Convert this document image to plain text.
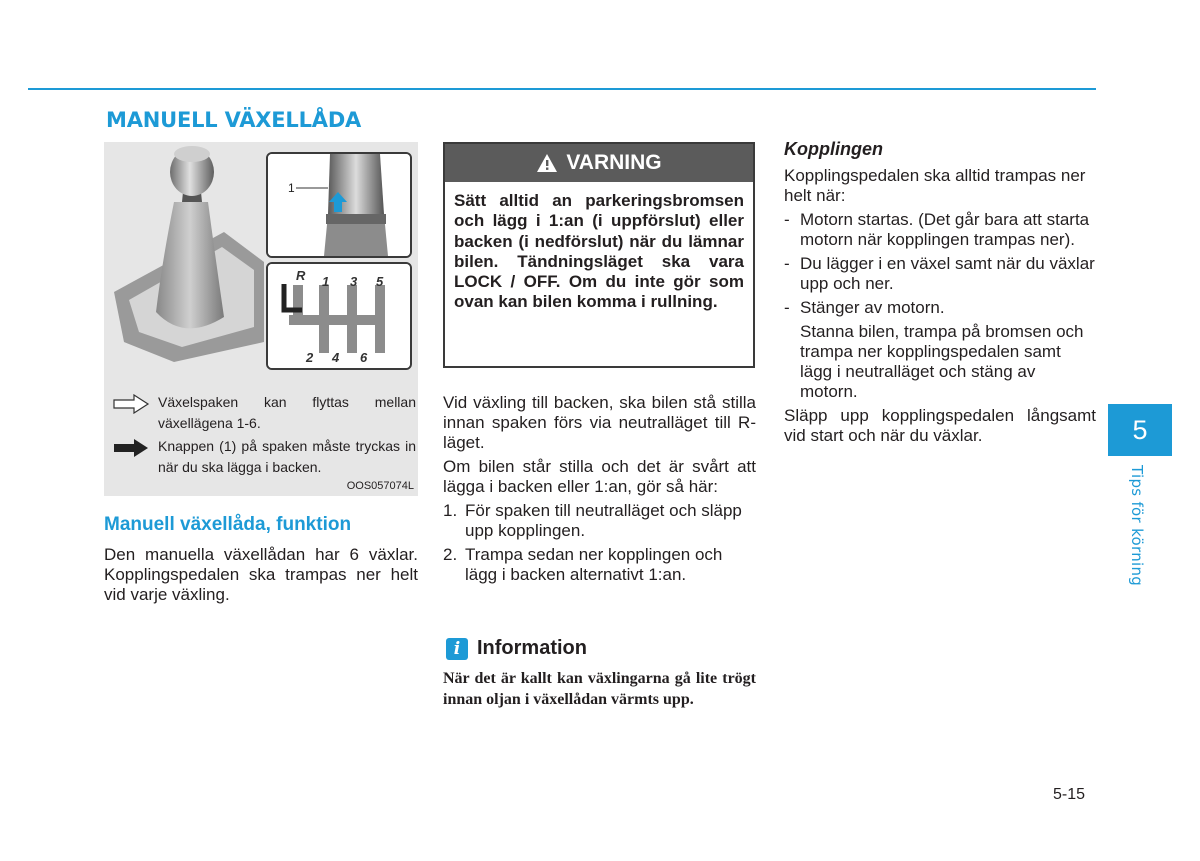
MANUELL VÄXELLÅDA
1
R 1 3 5
2 4 6
Växelspaken kan flyttas mellan växellägena 1-6.
Knappen (1) på spaken måste tryckas in när du ska lägga i backen.
OOS057074L
Manuell växellåda, funktion

Den manuella växellådan har 6 växlar. Kopplingspedalen ska trampas ner helt vid varje växling.

VARNING
Sätt alltid an parkeringsbromsen och lägg i 1:an (i uppförslut) eller backen (i nedförslut) när du lämnar bilen. Tändningsläget ska vara LOCK / OFF. Om du inte gör som ovan kan bilen komma i rullning.

Vid växling till backen, ska bilen stå stilla innan spaken förs via neutralläget till R-läget.

Om bilen står stilla och det är svårt att lägga i backen eller 1:an, gör så här:

1. För spaken till neutralläget och släpp upp kopplingen.
2. Trampa sedan ner kopplingen och lägg i backen alternativt 1:an.
i Information

När det är kallt kan växlingarna gå lite trögt innan oljan i växellådan värmts upp.

Kopplingen

Kopplingspedalen ska alltid trampas ner helt när:

- Motorn startas. (Det går bara att starta motorn när kopplingen trampas ner).
- Du lägger i en växel samt när du växlar upp och ner.
- Stänger av motorn.

Stanna bilen, trampa på bromsen och trampa ner kopplingspedalen samt lägg i neutralläget och stäng av motorn.

Släpp upp kopplingspedalen långsamt vid start och när du växlar.	5
Tips för körning
5-15
